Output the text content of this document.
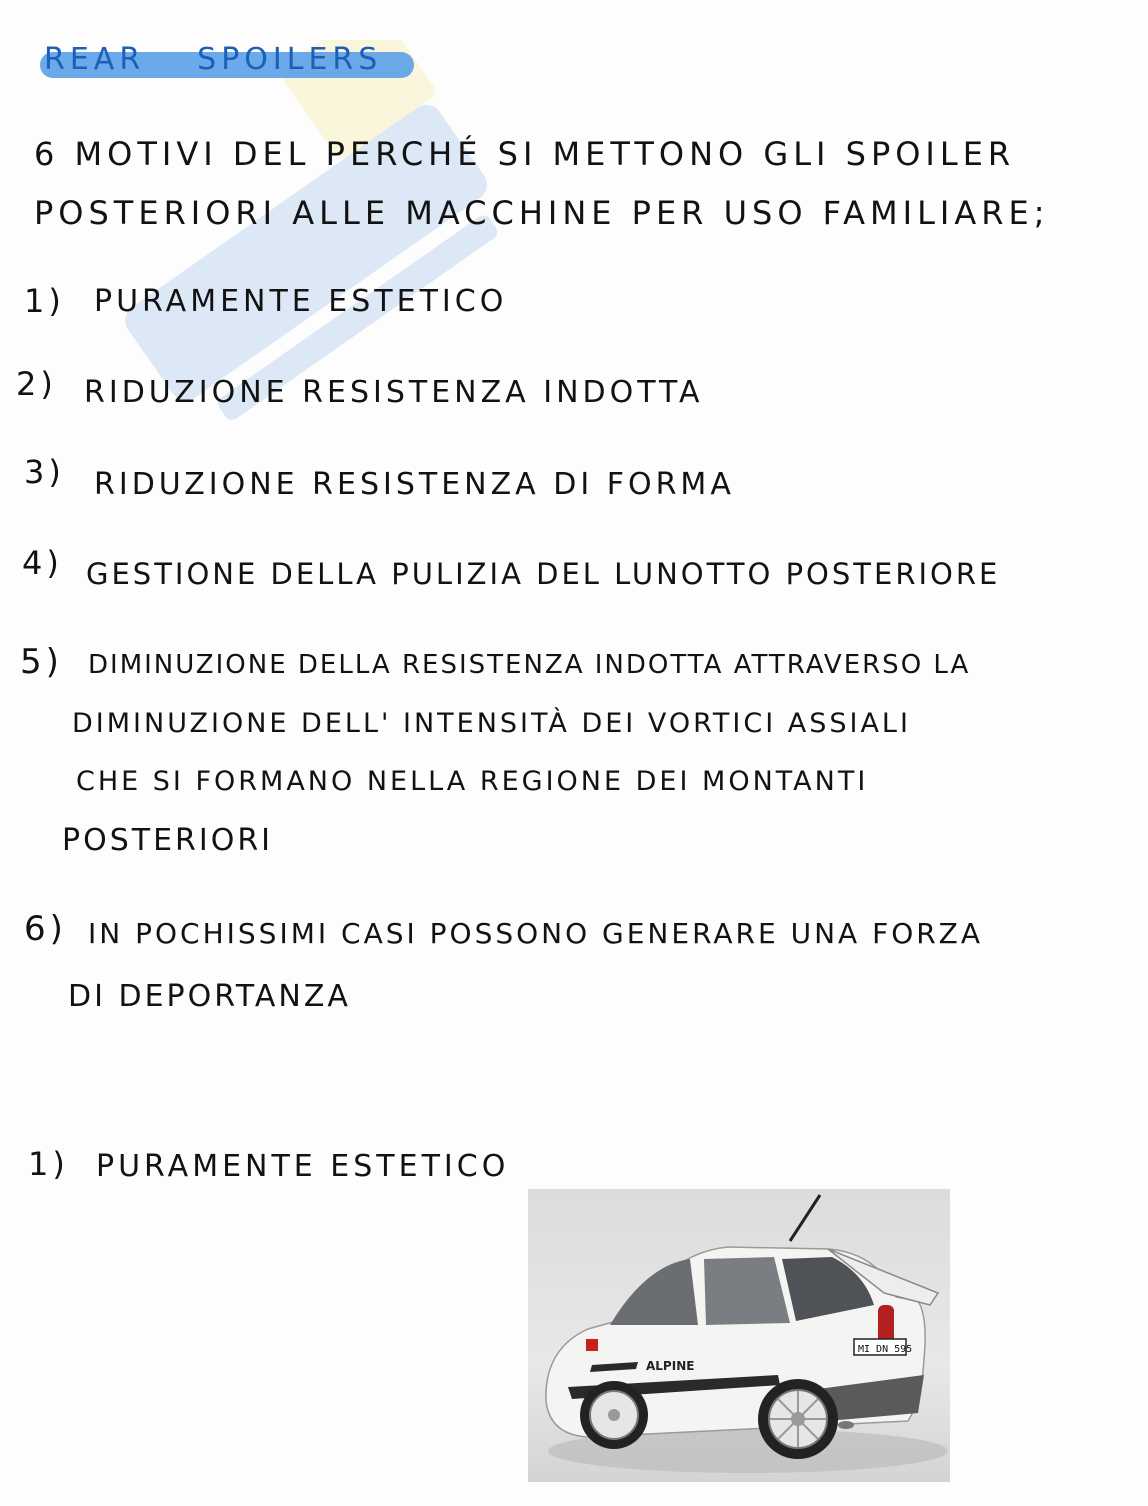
REAR SPOILERS
6 MOTIVI DEL PERCHÉ SI METTONO GLI SPOILER
POSTERIORI ALLE MACCHINE PER USO FAMILIARE;
1) PURAMENTE ESTETICO
2) RIDUZIONE RESISTENZA INDOTTA
3) RIDUZIONE RESISTENZA DI FORMA
4) GESTIONE DELLA PULIZIA DEL LUNOTTO POSTERIORE
5) DIMINUZIONE DELLA RESISTENZA INDOTTA ATTRAVERSO LA
DIMINUZIONE DELL' INTENSITÀ DEI VORTICI ASSIALI
CHE SI FORMANO NELLA REGIONE DEI MONTANTI
POSTERIORI
6) IN POCHISSIMI CASI POSSONO GENERARE UNA FORZA
DI DEPORTANZA
1) PURAMENTE ESTETICO
MI DN 595
ALPINE
